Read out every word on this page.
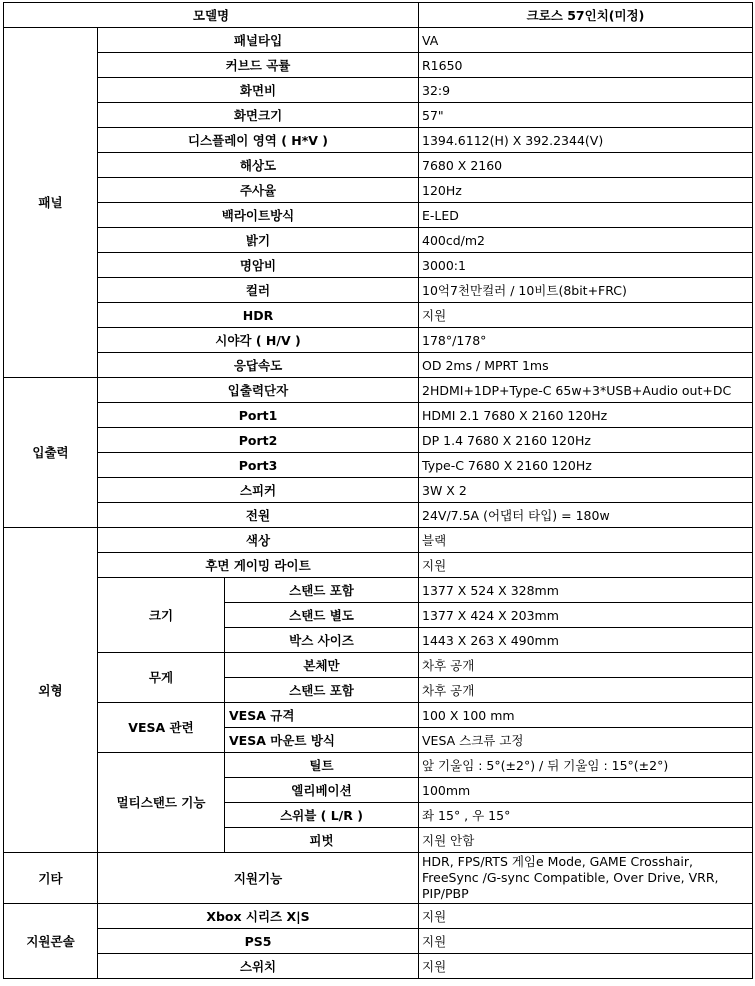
모델명			크로스 57인치(미정)
패널	패널타입		VA
	커브드 곡률		R1650
	화면비		32:9
	화면크기		57"
	디스플레이 영역 ( H*V )		1394.6112(H) X 392.2344(V)
	해상도		7680 X 2160
	주사율		120Hz
	백라이트방식		E-LED
	밝기		400cd/m2
	명암비		3000:1
	컬러		10억7천만컬러 / 10비트(8bit+FRC)
	HDR		지원
	시야각 ( H/V )		178°/178°
	응답속도		OD 2ms / MPRT 1ms
입출력	입출력단자		2HDMI+1DP+Type-C 65w+3*USB+Audio out+DC
	Port1		HDMI 2.1 7680 X 2160 120Hz
	Port2		DP 1.4 7680 X 2160 120Hz
	Port3		Type-C 7680 X 2160 120Hz
	스피커		3W X 2
	전원		24V/7.5A (어댑터 타입) = 180w
외형	색상		블랙
	후면 게이밍 라이트		지원
	크기	스탠드 포함	1377 X 524 X 328mm
		스탠드 별도	1377 X 424 X 203mm
		박스 사이즈	1443 X 263 X 490mm
	무게	본체만	차후 공개
		스탠드 포함	차후 공개
	VESA 관련	VESA 규격	100 X 100 mm
		VESA 마운트 방식	VESA 스크류 고정
	멀티스탠드 기능	틸트	앞 기울임 : 5°(±2°) / 뒤 기울임 : 15°(±2°)
		엘리베이션	100mm
		스위블 ( L/R )	좌 15° , 우 15°
		피벗	지원 안함
기타	지원기능		HDR, FPS/RTS 게임e Mode, GAME Crosshair, FreeSync /G-sync Compatible, Over Drive, VRR, PIP/PBP
지원콘솔	Xbox 시리즈 X|S		지원
	PS5		지원
	스위치		지원
